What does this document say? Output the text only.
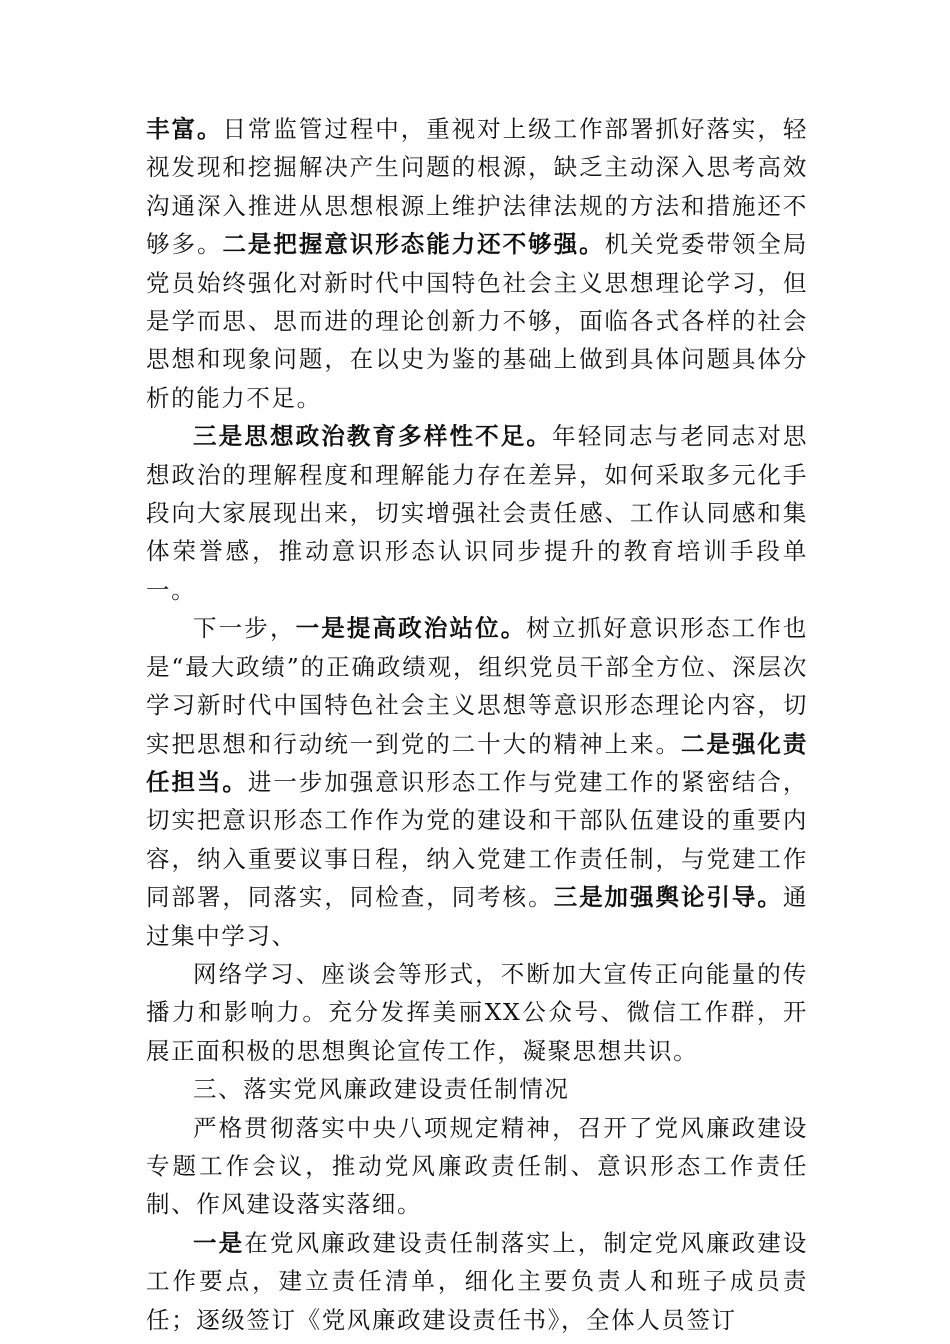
丰富。日常监管过程中，重视对上级工作部署抓好落实，轻视发现和挖掘解决产生问题的根源，缺乏主动深入思考高效沟通深入推进从思想根源上维护法律法规的方法和措施还不够多。二是把握意识形态能力还不够强。机关党委带领全局党员始终强化对新时代中国特色社会主义思想理论学习，但是学而思、思而进的理论创新力不够，面临各式各样的社会思想和现象问题，在以史为鉴的基础上做到具体问题具体分析的能力不足。

三是思想政治教育多样性不足。年轻同志与老同志对思想政治的理解程度和理解能力存在差异，如何采取多元化手段向大家展现出来，切实增强社会责任感、工作认同感和集体荣誉感，推动意识形态认识同步提升的教育培训手段单一。

下一步，一是提高政治站位。树立抓好意识形态工作也是“最大政绩”的正确政绩观，组织党员干部全方位、深层次学习新时代中国特色社会主义思想等意识形态理论内容，切实把思想和行动统一到党的二十大的精神上来。二是强化责任担当。进一步加强意识形态工作与党建工作的紧密结合，切实把意识形态工作作为党的建设和干部队伍建设的重要内容，纳入重要议事日程，纳入党建工作责任制，与党建工作同部署，同落实，同检查，同考核。三是加强舆论引导。通过集中学习、

网络学习、座谈会等形式，不断加大宣传正向能量的传播力和影响力。充分发挥美丽XX公众号、微信工作群，开展正面积极的思想舆论宣传工作，凝聚思想共识。

三、落实党风廉政建设责任制情况

严格贯彻落实中央八项规定精神，召开了党风廉政建设专题工作会议，推动党风廉政责任制、意识形态工作责任制、作风建设落实落细。

一是在党风廉政建设责任制落实上，制定党风廉政建设工作要点，建立责任清单，细化主要负责人和班子成员责任；逐级签订《党风廉政建设责任书》，全体人员签订
